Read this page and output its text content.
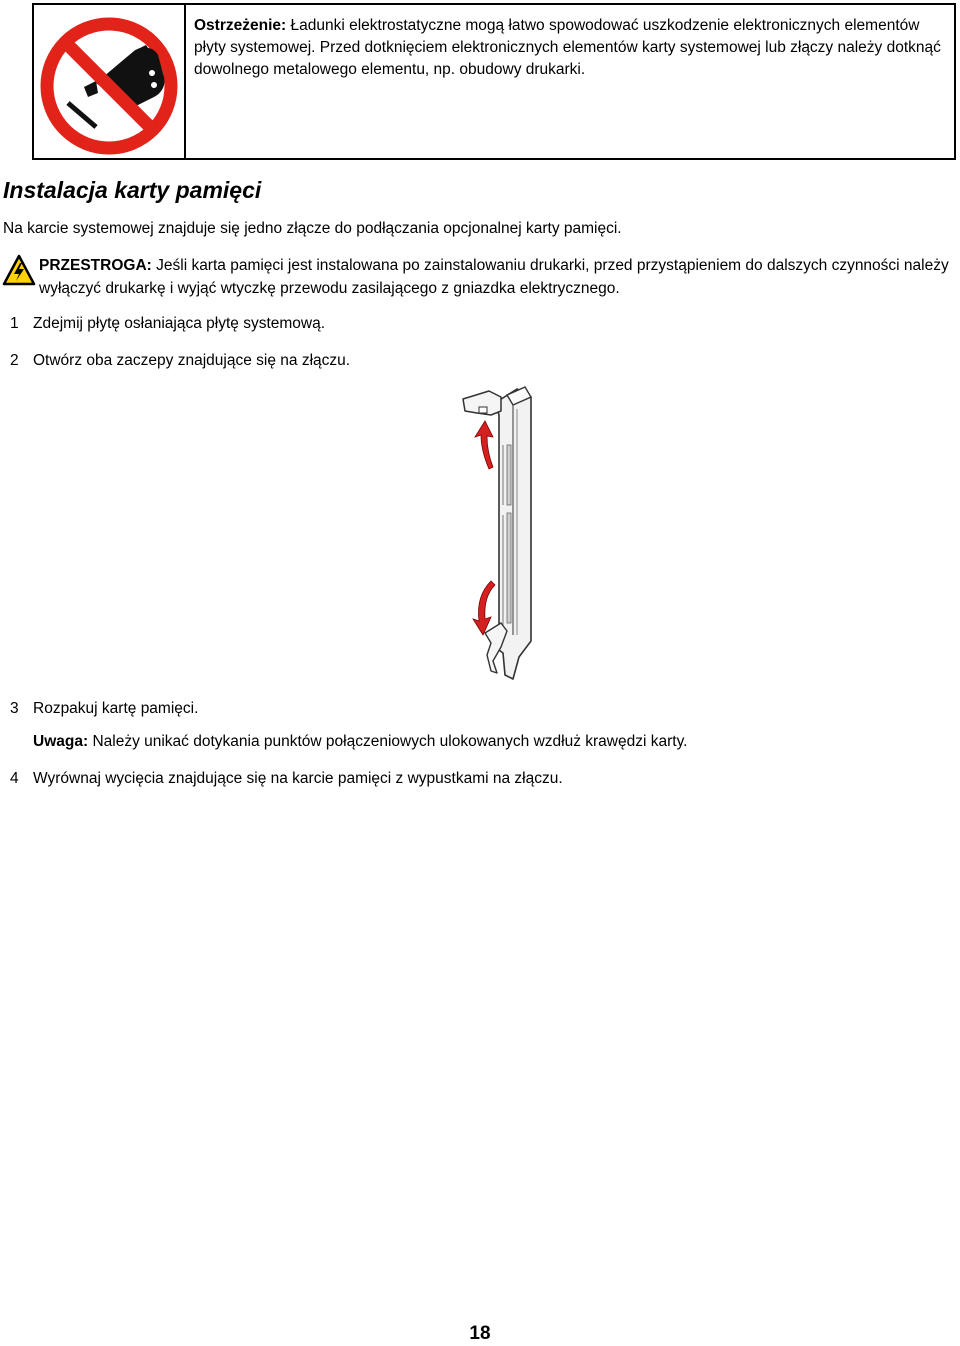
Ostrzeżenie: Ładunki elektrostatyczne mogą łatwo spowodować uszkodzenie elektronicznych elementów płyty systemowej. Przed dotknięciem elektronicznych elementów karty systemowej lub złączy należy dotknąć dowolnego metalowego elementu, np. obudowy drukarki.
Instalacja karty pamięci
Na karcie systemowej znajduje się jedno złącze do podłączania opcjonalnej karty pamięci.
PRZESTROGA: Jeśli karta pamięci jest instalowana po zainstalowaniu drukarki, przed przystąpieniem do dalszych czynności należy wyłączyć drukarkę i wyjąć wtyczkę przewodu zasilającego z gniazdka elektrycznego.
1 Zdejmij płytę osłaniająca płytę systemową.
2 Otwórz oba zaczepy znajdujące się na złączu.
3 Rozpakuj kartę pamięci.
Uwaga: Należy unikać dotykania punktów połączeniowych ulokowanych wzdłuż krawędzi karty.
4 Wyrównaj wycięcia znajdujące się na karcie pamięci z wypustkami na złączu.
18
